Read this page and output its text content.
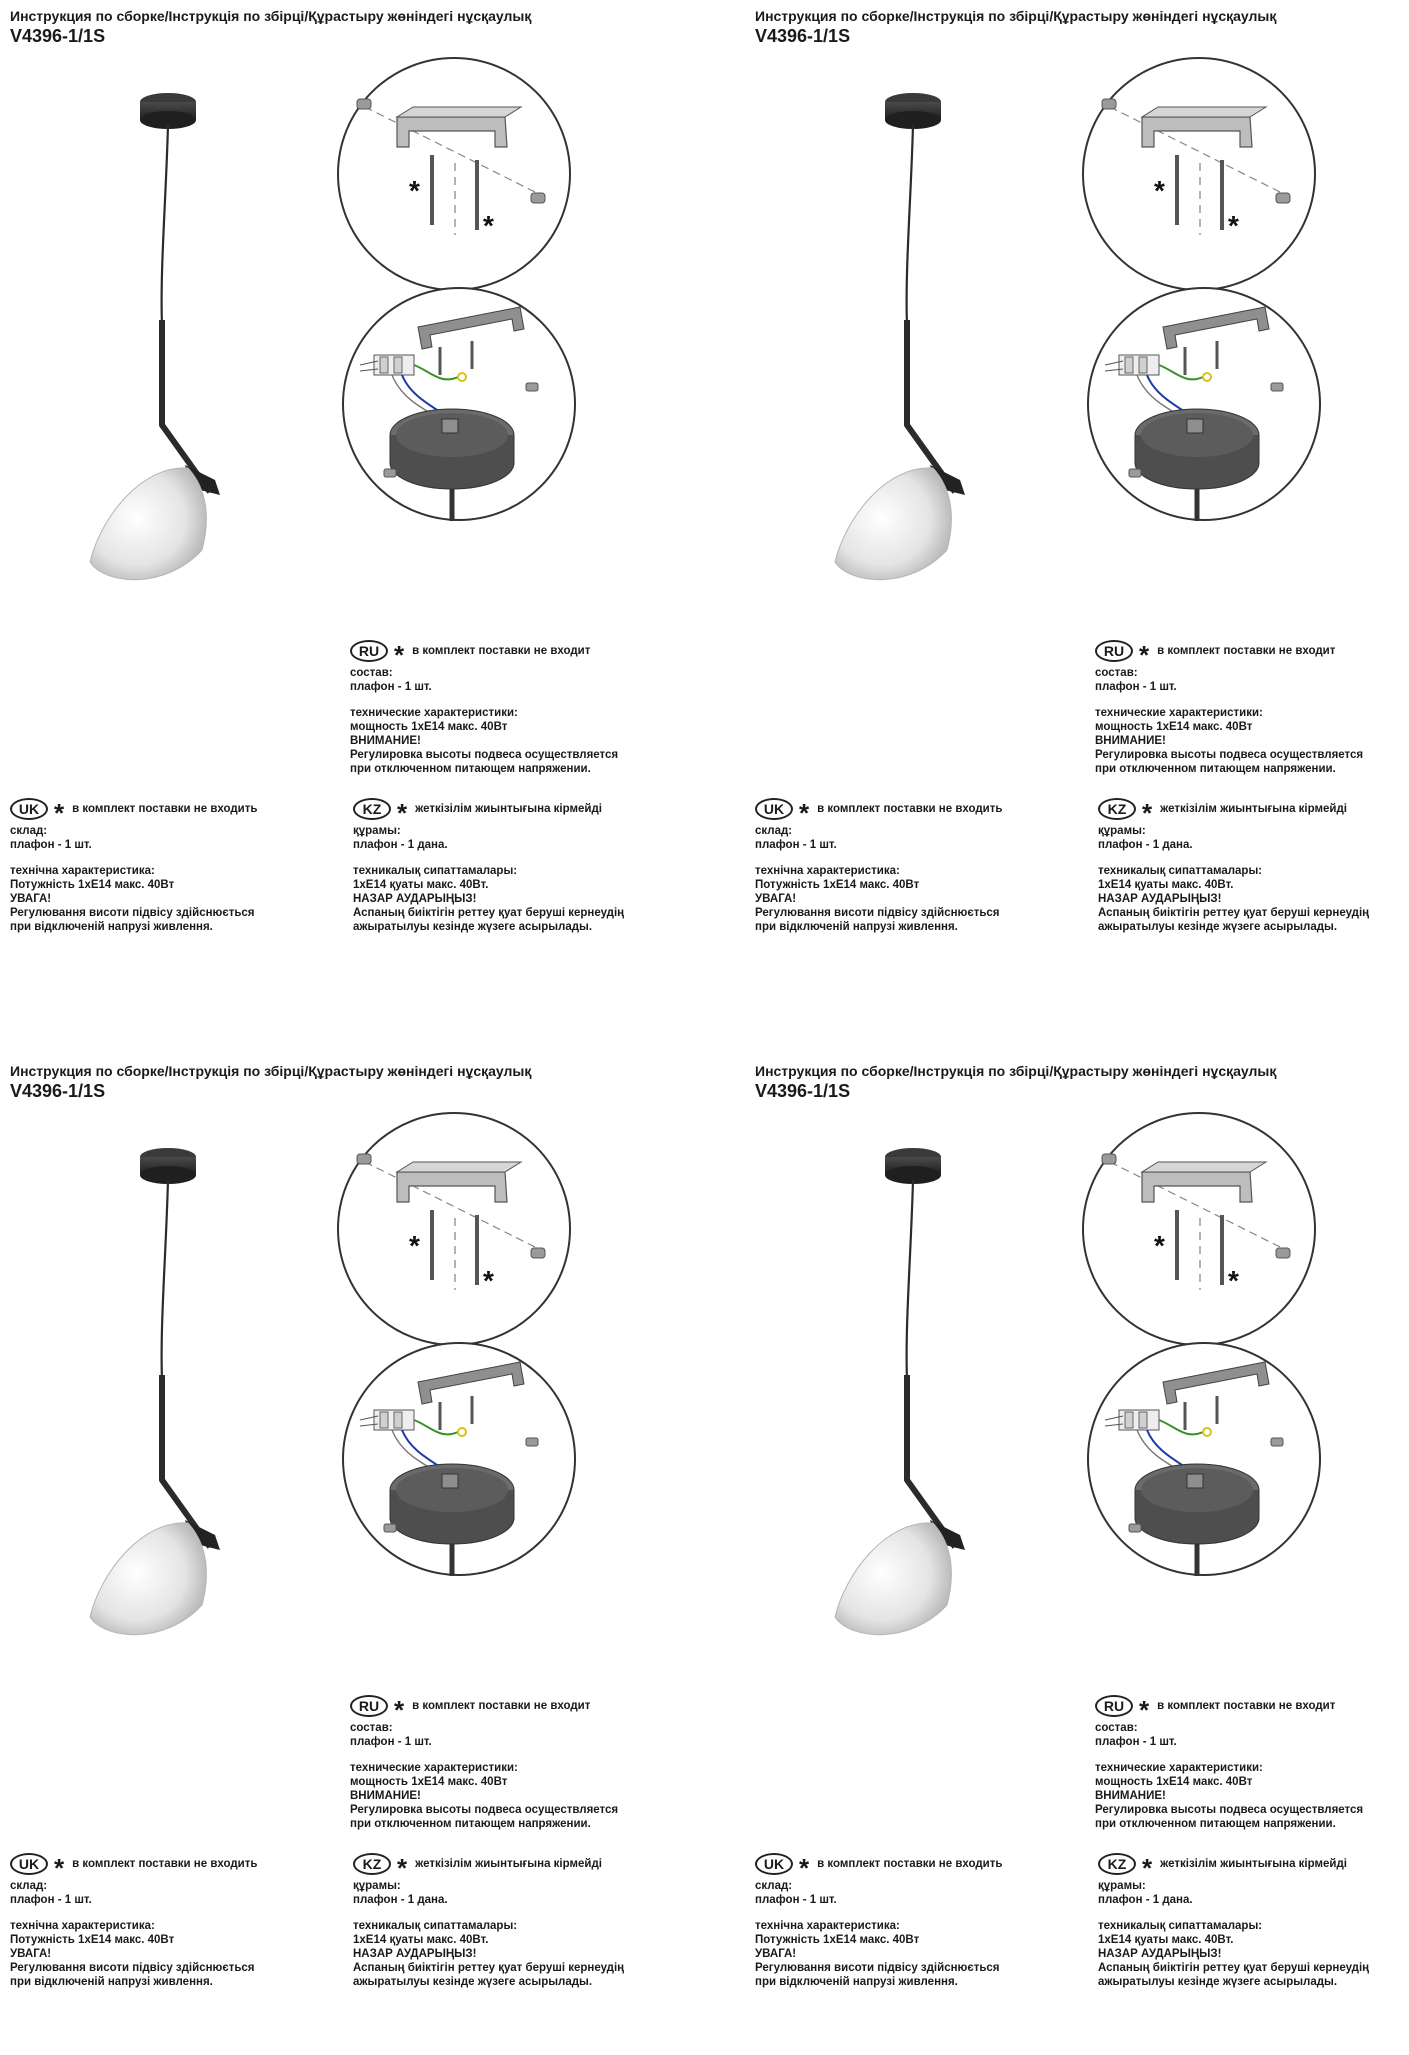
Инструкция по сборке/Інструкція по збірці/Құрастыру жөніндегі нұсқаулық
V4396-1/1S
*
*
RU * в комплект поставки не входит
состав:
плафон - 1 шт.
технические характеристики:
мощность 1хE14 макс. 40Вт
ВНИМАНИЕ!
Регулировка высоты подвеса осуществляется
при отключенном питающем напряжении.
UK * в комплект поставки не входить
склад:
плафон - 1 шт.
технічна характеристика:
Потужність 1хE14 макс. 40Вт
УВАГА!
Регулювання висоти підвісу здійснюється
при відключеній напрузі живлення.
KZ * жеткізілім жиынтығына кірмейді
құрамы:
плафон - 1 дана.
техникалық сипаттамалары:
1хE14 қуаты макс. 40Вт.
НАЗАР АУДАРЫҢЫЗ!
Аспаның биіктігін реттеу қуат беруші кернеудің
ажыратылуы кезінде жүзеге асырылады.
Инструкция по сборке/Інструкція по збірці/Құрастыру жөніндегі нұсқаулық
V4396-1/1S
*
*
RU * в комплект поставки не входит
состав:
плафон - 1 шт.
технические характеристики:
мощность 1хE14 макс. 40Вт
ВНИМАНИЕ!
Регулировка высоты подвеса осуществляется
при отключенном питающем напряжении.
UK * в комплект поставки не входить
склад:
плафон - 1 шт.
технічна характеристика:
Потужність 1хE14 макс. 40Вт
УВАГА!
Регулювання висоти підвісу здійснюється
при відключеній напрузі живлення.
KZ * жеткізілім жиынтығына кірмейді
құрамы:
плафон - 1 дана.
техникалық сипаттамалары:
1хE14 қуаты макс. 40Вт.
НАЗАР АУДАРЫҢЫЗ!
Аспаның биіктігін реттеу қуат беруші кернеудің
ажыратылуы кезінде жүзеге асырылады.
Инструкция по сборке/Інструкція по збірці/Құрастыру жөніндегі нұсқаулық
V4396-1/1S
*
*
RU * в комплект поставки не входит
состав:
плафон - 1 шт.
технические характеристики:
мощность 1хE14 макс. 40Вт
ВНИМАНИЕ!
Регулировка высоты подвеса осуществляется
при отключенном питающем напряжении.
UK * в комплект поставки не входить
склад:
плафон - 1 шт.
технічна характеристика:
Потужність 1хE14 макс. 40Вт
УВАГА!
Регулювання висоти підвісу здійснюється
при відключеній напрузі живлення.
KZ * жеткізілім жиынтығына кірмейді
құрамы:
плафон - 1 дана.
техникалық сипаттамалары:
1хE14 қуаты макс. 40Вт.
НАЗАР АУДАРЫҢЫЗ!
Аспаның биіктігін реттеу қуат беруші кернеудің
ажыратылуы кезінде жүзеге асырылады.
Инструкция по сборке/Інструкція по збірці/Құрастыру жөніндегі нұсқаулық
V4396-1/1S
*
*
RU * в комплект поставки не входит
состав:
плафон - 1 шт.
технические характеристики:
мощность 1хE14 макс. 40Вт
ВНИМАНИЕ!
Регулировка высоты подвеса осуществляется
при отключенном питающем напряжении.
UK * в комплект поставки не входить
склад:
плафон - 1 шт.
технічна характеристика:
Потужність 1хE14 макс. 40Вт
УВАГА!
Регулювання висоти підвісу здійснюється
при відключеній напрузі живлення.
KZ * жеткізілім жиынтығына кірмейді
құрамы:
плафон - 1 дана.
техникалық сипаттамалары:
1хE14 қуаты макс. 40Вт.
НАЗАР АУДАРЫҢЫЗ!
Аспаның биіктігін реттеу қуат беруші кернеудің
ажыратылуы кезінде жүзеге асырылады.
